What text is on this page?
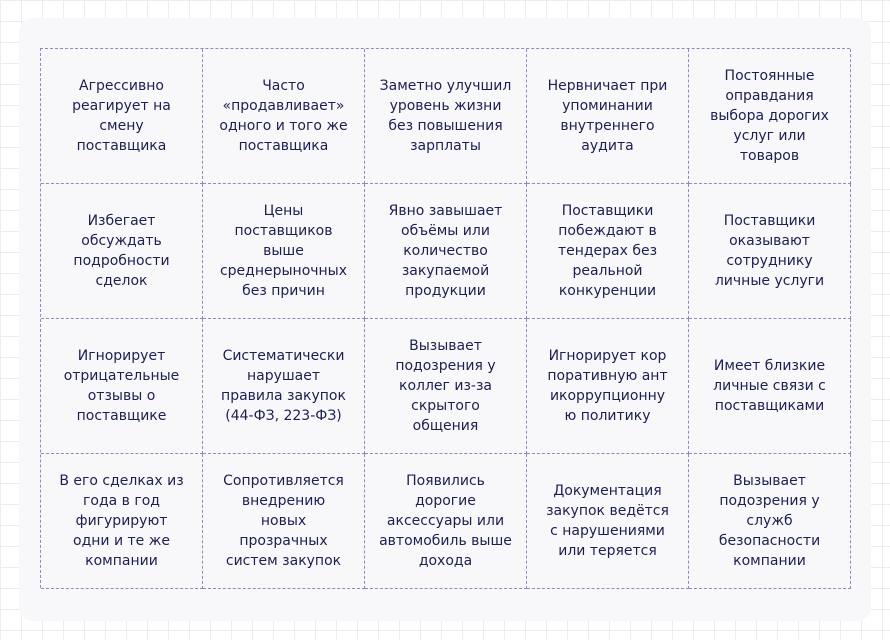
Агрессивно реагирует на смену поставщика

Часто «продавливает» одного и того же поставщика

Заметно улучшил уровень жизни без повышения зарплаты

Нервничает при упоминании внутреннего аудита

Постоянные оправдания выбора дорогих услуг или товаров

Избегает обсуждать подробности сделок

Цены поставщиков выше среднерыночных без причин

Явно завышает объёмы или количество закупаемой продукции

Поставщики побеждают в тендерах без реальной конкуренции

Поставщики оказывают сотруднику личные услуги

Игнорирует отрицательные отзывы о поставщике

Систематически нарушает правила закупок (44-ФЗ, 223-ФЗ)

Вызывает подозрения у коллег из-за скрытого общения

Игнорирует корпоративную антикоррупционную политику

Имеет близкие личные связи с поставщиками

В его сделках из года в год фигурируют одни и те же компании

Сопротивляется внедрению новых прозрачных систем закупок

Появились дорогие аксессуары или автомобиль выше дохода

Документация закупок ведётся с нарушениями или теряется

Вызывает подозрения у служб безопасности компании
